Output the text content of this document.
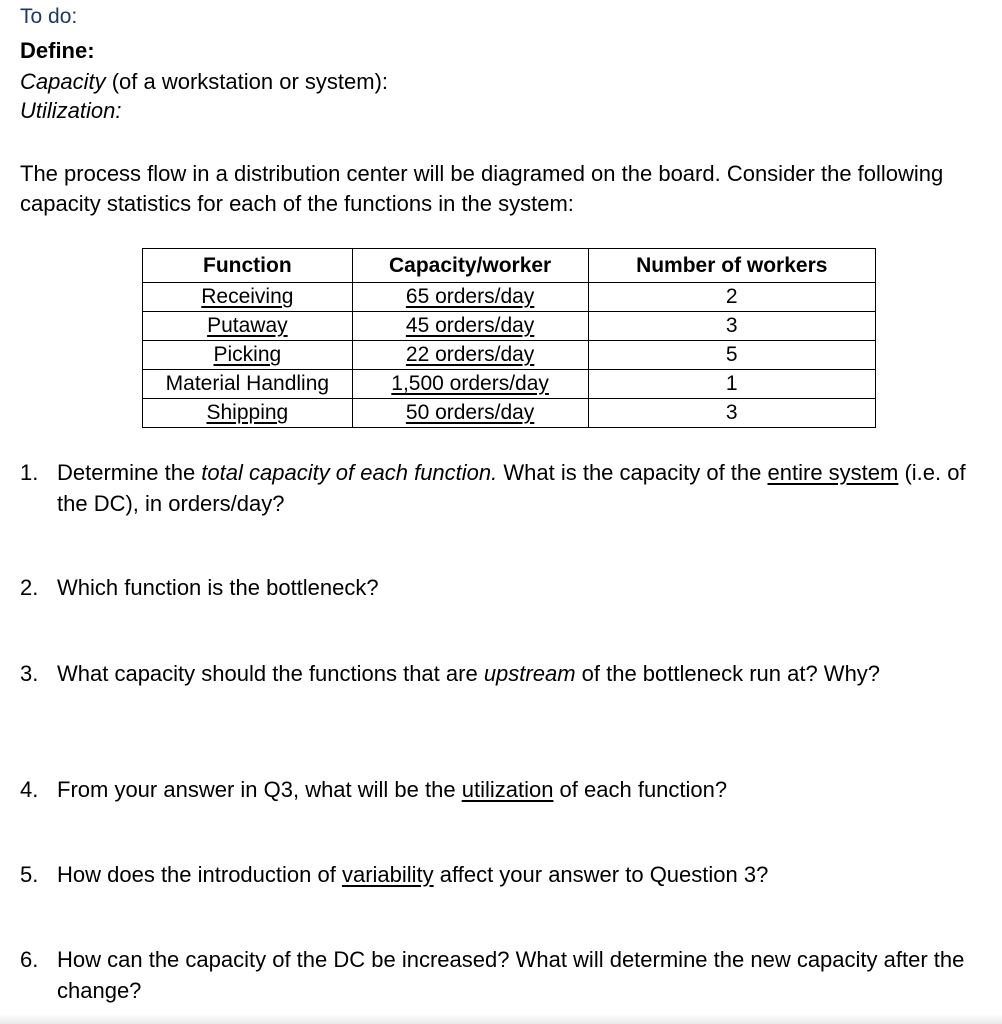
To do:
Define:
Capacity (of a workstation or system):
Utilization:
The process flow in a distribution center will be diagramed on the board. Consider the following capacity statistics for each of the functions in the system:
Function	Capacity/worker	Number of workers
Receiving	65 orders/day	2
Putaway	45 orders/day	3
Picking	22 orders/day	5
Material Handling	1,500 orders/day	1
Shipping	50 orders/day	3
1. Determine the total capacity of each function. What is the capacity of the entire system (i.e. of the DC), in orders/day?
2. Which function is the bottleneck?
3. What capacity should the functions that are upstream of the bottleneck run at? Why?
4. From your answer in Q3, what will be the utilization of each function?
5. How does the introduction of variability affect your answer to Question 3?
6. How can the capacity of the DC be increased? What will determine the new capacity after the change?
